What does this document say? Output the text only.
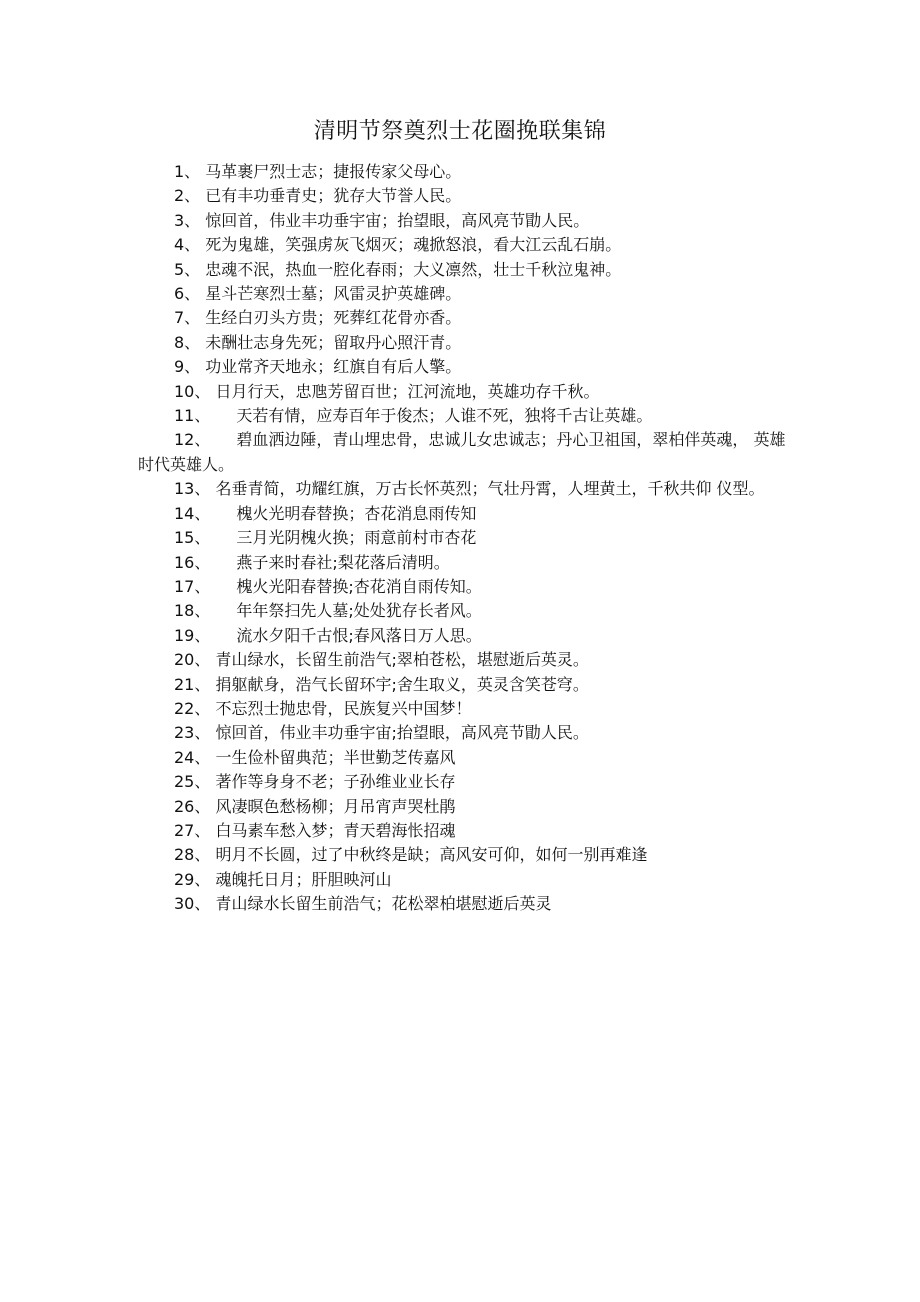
清明节祭奠烈士花圈挽联集锦
1、 马革裹尸烈士志；捷报传家父母心。
2、 已有丰功垂青史；犹存大节誉人民。
3、 惊回首，伟业丰功垂宇宙；抬望眼，高风亮节勖人民。
4、 死为鬼雄，笑强虏灰飞烟灭；魂掀怒浪，看大江云乱石崩。
5、 忠魂不泯，热血一腔化春雨；大义凛然，壮士千秋泣鬼神。
6、 星斗芒寒烈士墓；风雷灵护英雄碑。
7、 生经白刃头方贵；死葬红花骨亦香。
8、 未酬壮志身先死；留取丹心照汗青。
9、 功业常齐天地永；红旗自有后人擎。
10、 日月行天，忠虺芳留百世；江河流地，英雄功存千秋。
11、 天若有情，应寿百年于俊杰；人谁不死，独将千古让英雄。
12、 碧血洒边陲，青山埋忠骨，忠诚儿女忠诚志；丹心卫祖国，翠柏伴英魂， 英雄时代英雄人。
13、 名垂青简，功耀红旗，万古长怀英烈；气壮丹霄，人埋黄土，千秋共仰 仪型。
14、 槐火光明春替换；杏花消息雨传知
15、 三月光阴槐火换；雨意前村市杏花
16、 燕子来时春社;梨花落后清明。
17、 槐火光阳春替换;杏花消自雨传知。
18、 年年祭扫先人墓;处处犹存长者风。
19、 流水夕阳千古恨;春风落日万人思。
20、 青山绿水，长留生前浩气;翠柏苍松，堪慰逝后英灵。
21、 捐躯献身，浩气长留环宇;舍生取义，英灵含笑苍穹。
22、 不忘烈士抛忠骨，民族复兴中国梦！
23、 惊回首，伟业丰功垂宇宙;抬望眼，高风亮节勖人民。
24、 一生俭朴留典范；半世勤芝传嘉风
25、 著作等身身不老；子孙维业业长存
26、 风凄暝色愁杨柳；月吊宵声哭杜鹃
27、 白马素车愁入梦；青天碧海怅招魂
28、 明月不长圆，过了中秋终是缺；高风安可仰，如何一别再难逢
29、 魂魄托日月；肝胆映河山
30、 青山绿水长留生前浩气；花松翠柏堪慰逝后英灵
